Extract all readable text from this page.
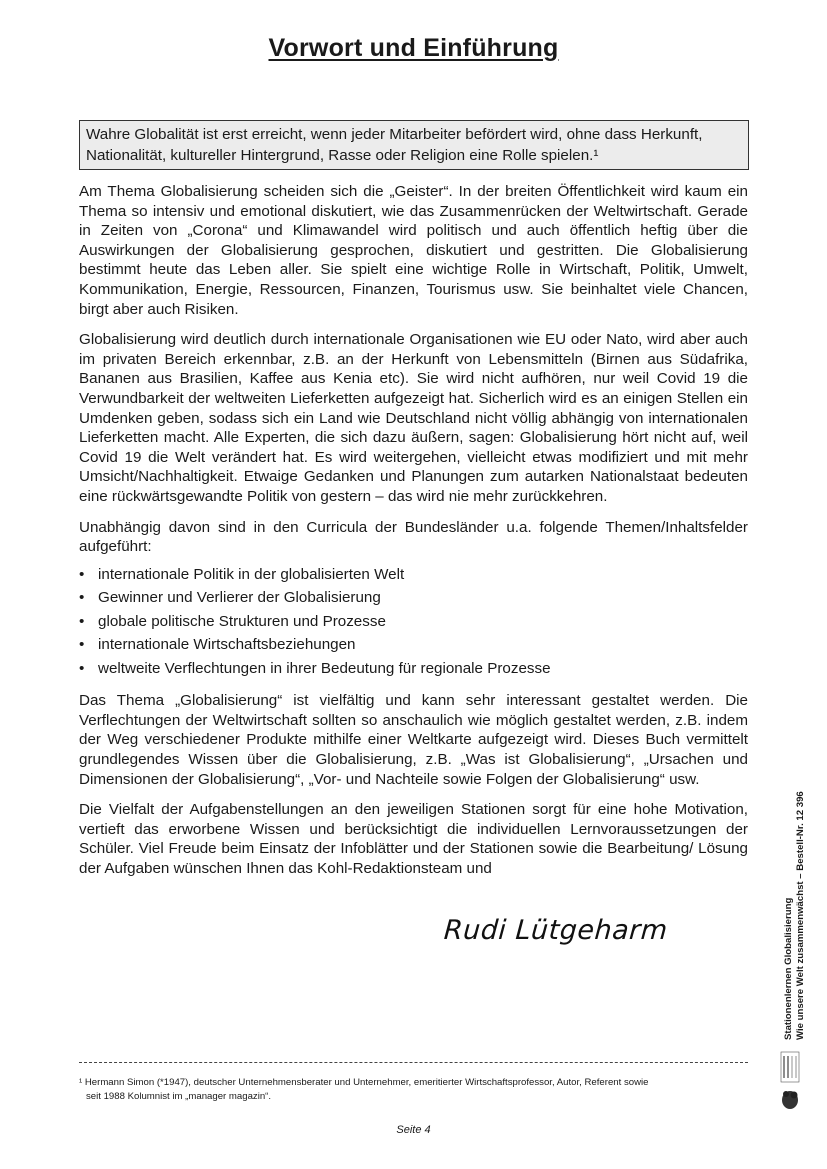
Vorwort und Einführung
Wahre Globalität ist erst erreicht, wenn jeder Mitarbeiter befördert wird, ohne dass Herkunft, Nationalität, kultureller Hintergrund, Rasse oder Religion eine Rolle spielen.¹

Am Thema Globalisierung scheiden sich die „Geister“. In der breiten Öffentlichkeit wird kaum ein Thema so intensiv und emotional diskutiert, wie das Zusammenrücken der Weltwirtschaft. Gerade in Zeiten von „Corona“ und Klimawandel wird politisch und auch öffentlich heftig über die Auswirkungen der Globalisierung gesprochen, diskutiert und gestritten. Die Globalisierung bestimmt heute das Leben aller. Sie spielt eine wichtige Rolle in Wirtschaft, Politik, Umwelt, Kommunikation, Energie, Ressourcen, Finanzen, Tourismus usw. Sie beinhaltet viele Chancen, birgt aber auch Risiken.

Globalisierung wird deutlich durch internationale Organisationen wie EU oder Nato, wird aber auch im privaten Bereich erkennbar, z.B. an der Herkunft von Lebensmitteln (Birnen aus Südafrika, Bananen aus Brasilien, Kaffee aus Kenia etc). Sie wird nicht aufhören, nur weil Covid 19 die Verwundbarkeit der weltweiten Lieferketten aufgezeigt hat. Sicherlich wird es an einigen Stellen ein Umdenken geben, sodass sich ein Land wie Deutschland nicht völlig abhängig von internationalen Lieferketten macht. Alle Experten, die sich dazu äußern, sagen: Globalisierung hört nicht auf, weil Covid 19 die Welt verändert hat. Es wird weitergehen, vielleicht etwas modifiziert und mit mehr Umsicht/Nachhaltigkeit. Etwaige Gedanken und Planungen zum autarken Nationalstaat bedeuten eine rückwärtsgewandte Politik von gestern – das wird nie mehr zurückkehren.

Unabhängig davon sind in den Curricula der Bundesländer u.a. folgende Themen/Inhaltsfelder aufgeführt:

• internationale Politik in der globalisierten Welt
• Gewinner und Verlierer der Globalisierung
• globale politische Strukturen und Prozesse
• internationale Wirtschaftsbeziehungen
• weltweite Verflechtungen in ihrer Bedeutung für regionale Prozesse

Das Thema „Globalisierung“ ist vielfältig und kann sehr interessant gestaltet werden. Die Verflechtungen der Weltwirtschaft sollten so anschaulich wie möglich gestaltet werden, z.B. indem der Weg verschiedener Produkte mithilfe einer Weltkarte aufgezeigt wird. Dieses Buch vermittelt grundlegendes Wissen über die Globalisierung, z.B. „Was ist Globalisierung“, „Ursachen und Dimensionen der Globalisierung“, „Vor- und Nachteile sowie Folgen der Globalisierung“ usw.

Die Vielfalt der Aufgabenstellungen an den jeweiligen Stationen sorgt für eine hohe Motivation, vertieft das erworbene Wissen und berücksichtigt die individuellen Lernvoraussetzungen der Schüler. Viel Freude beim Einsatz der Infoblätter und der Stationen sowie die Bearbeitung/ Lösung der Aufgaben wünschen Ihnen das Kohl-Redaktionsteam und

Rudi Lütgeharm
¹ Hermann Simon (*1947), deutscher Unternehmensberater und Unternehmer, emeritierter Wirtschaftsprofessor, Autor, Referent sowie
seit 1988 Kolumnist im „manager magazin“.
Seite 4
Stationenlernen Globalisierung Wie unsere Welt zusammenwächst – Bestell-Nr. 12 396
